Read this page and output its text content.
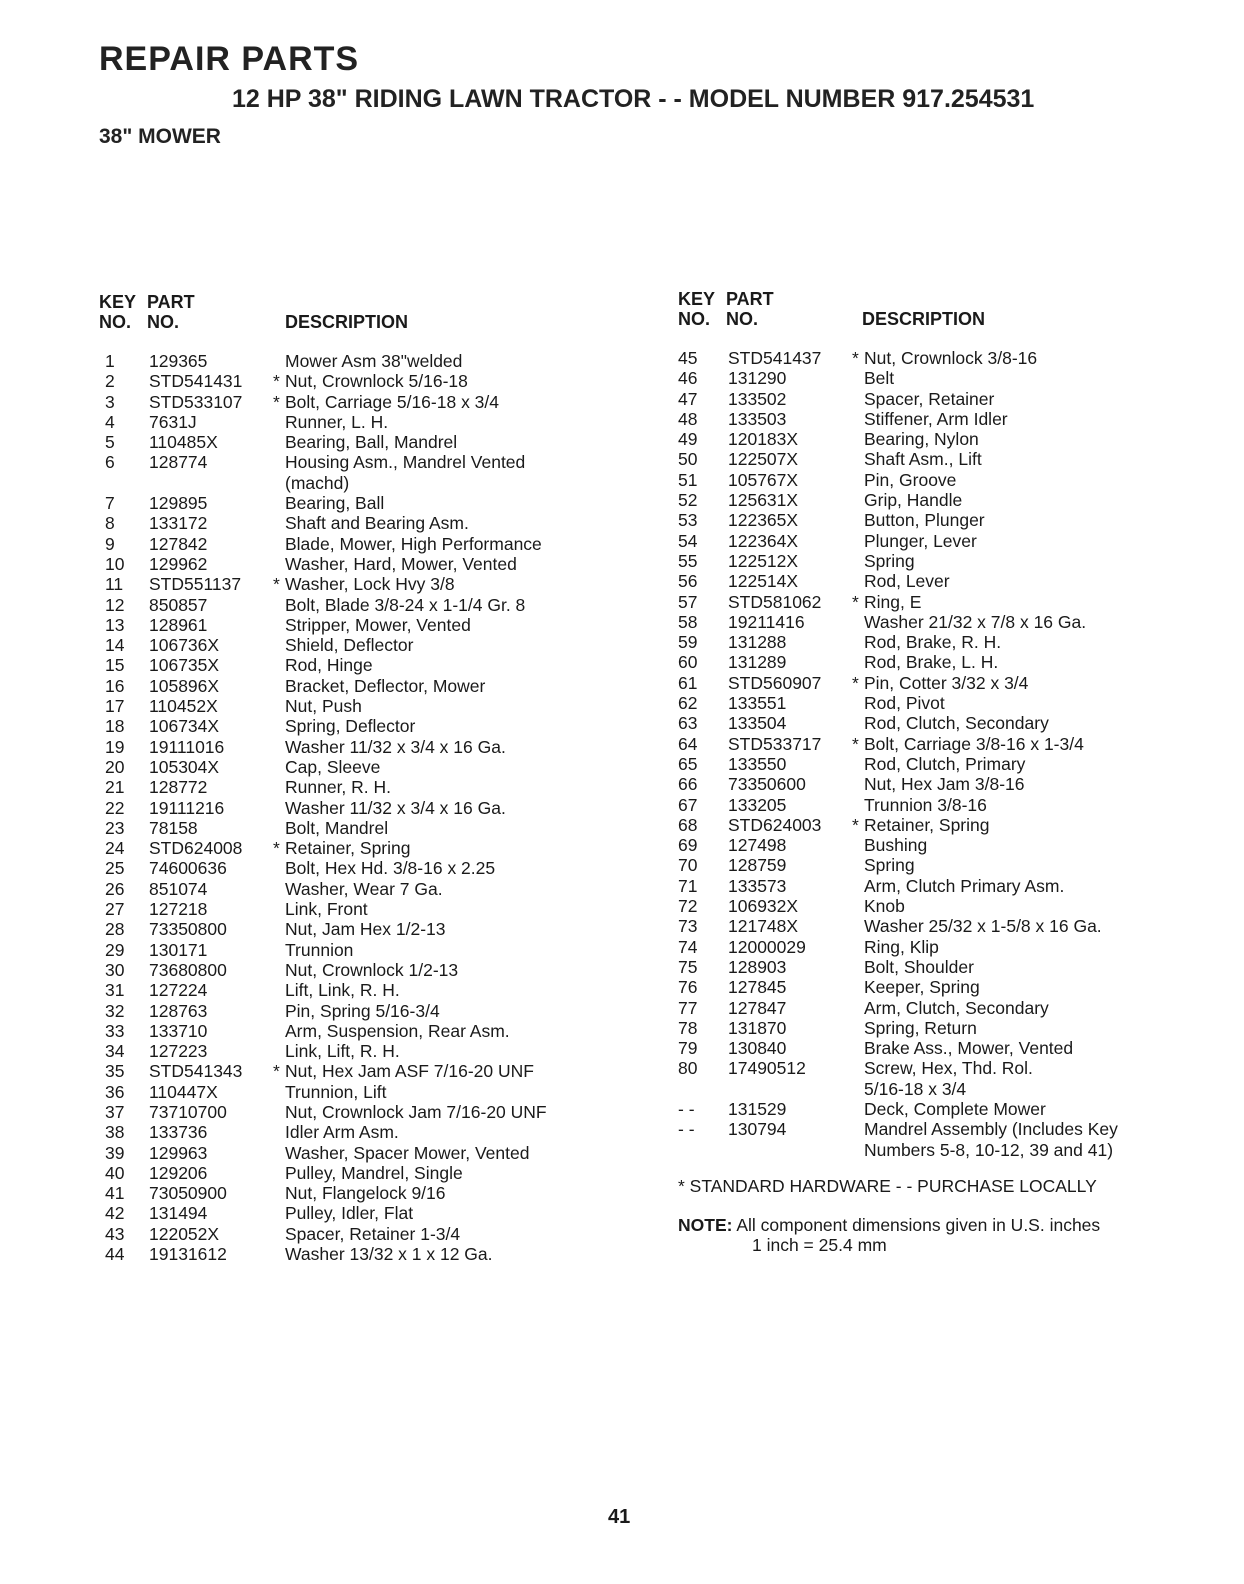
REPAIR PARTS
12 HP 38" RIDING LAWN TRACTOR - - MODEL NUMBER 917.254531
38" MOWER
KEY
NO.
PART
NO.	DESCRIPTION
1	129365	Mower Asm 38"welded
2	STD541431	* Nut, Crownlock 5/16-18
3	STD533107	* Bolt, Carriage 5/16-18 x 3/4
4	7631J	Runner, L. H.
5	110485X	Bearing, Ball, Mandrel
6	128774	Housing Asm., Mandrel Vented
(machd)
7	129895	Bearing, Ball
8	133172	Shaft and Bearing Asm.
9	127842	Blade, Mower, High Performance
10	129962	Washer, Hard, Mower, Vented
11	STD551137	* Washer, Lock Hvy 3/8
12	850857	Bolt, Blade 3/8-24 x 1-1/4 Gr. 8
13	128961	Stripper, Mower, Vented
14	106736X	Shield, Deflector
15	106735X	Rod, Hinge
16	105896X	Bracket, Deflector, Mower
17	110452X	Nut, Push
18	106734X	Spring, Deflector
19	19111016	Washer 11/32 x 3/4 x 16 Ga.
20	105304X	Cap, Sleeve
21	128772	Runner, R. H.
22	19111216	Washer 11/32 x 3/4 x 16 Ga.
23	78158	Bolt, Mandrel
24	STD624008	* Retainer, Spring
25	74600636	Bolt, Hex Hd. 3/8-16 x 2.25
26	851074	Washer, Wear 7 Ga.
27	127218	Link, Front
28	73350800	Nut, Jam Hex 1/2-13
29	130171	Trunnion
30	73680800	Nut, Crownlock 1/2-13
31	127224	Lift, Link, R. H.
32	128763	Pin, Spring 5/16-3/4
33	133710	Arm, Suspension, Rear Asm.
34	127223	Link, Lift, R. H.
35	STD541343	* Nut, Hex Jam ASF 7/16-20 UNF
36	110447X	Trunnion, Lift
37	73710700	Nut, Crownlock Jam 7/16-20 UNF
38	133736	Idler Arm Asm.
39	129963	Washer, Spacer Mower, Vented
40	129206	Pulley, Mandrel, Single
41	73050900	Nut, Flangelock 9/16
42	131494	Pulley, Idler, Flat
43	122052X	Spacer, Retainer 1-3/4
44	19131612	Washer 13/32 x 1 x 12 Ga.
KEY
NO.
PART
NO.	DESCRIPTION
45	STD541437	* Nut, Crownlock 3/8-16
46	131290	Belt
47	133502	Spacer, Retainer
48	133503	Stiffener, Arm Idler
49	120183X	Bearing, Nylon
50	122507X	Shaft Asm., Lift
51	105767X	Pin, Groove
52	125631X	Grip, Handle
53	122365X	Button, Plunger
54	122364X	Plunger, Lever
55	122512X	Spring
56	122514X	Rod, Lever
57	STD581062	* Ring, E
58	19211416	Washer 21/32 x 7/8 x 16 Ga.
59	131288	Rod, Brake, R. H.
60	131289	Rod, Brake, L. H.
61	STD560907	* Pin, Cotter 3/32 x 3/4
62	133551	Rod, Pivot
63	133504	Rod, Clutch, Secondary
64	STD533717	* Bolt, Carriage 3/8-16 x 1-3/4
65	133550	Rod, Clutch, Primary
66	73350600	Nut, Hex Jam 3/8-16
67	133205	Trunnion 3/8-16
68	STD624003	* Retainer, Spring
69	127498	Bushing
70	128759	Spring
71	133573	Arm, Clutch Primary Asm.
72	106932X	Knob
73	121748X	Washer 25/32 x 1-5/8 x 16 Ga.
74	12000029	Ring, Klip
75	128903	Bolt, Shoulder
76	127845	Keeper, Spring
77	127847	Arm, Clutch, Secondary
78	131870	Spring, Return
79	130840	Brake Ass., Mower, Vented
80	17490512	Screw, Hex, Thd. Rol.
5/16-18 x 3/4
- -	131529	Deck, Complete Mower
- -	130794	Mandrel Assembly (Includes Key
Numbers 5-8, 10-12, 39 and 41)
* STANDARD HARDWARE - - PURCHASE LOCALLY
NOTE: All component dimensions given in U.S. inches
1 inch = 25.4 mm
41
